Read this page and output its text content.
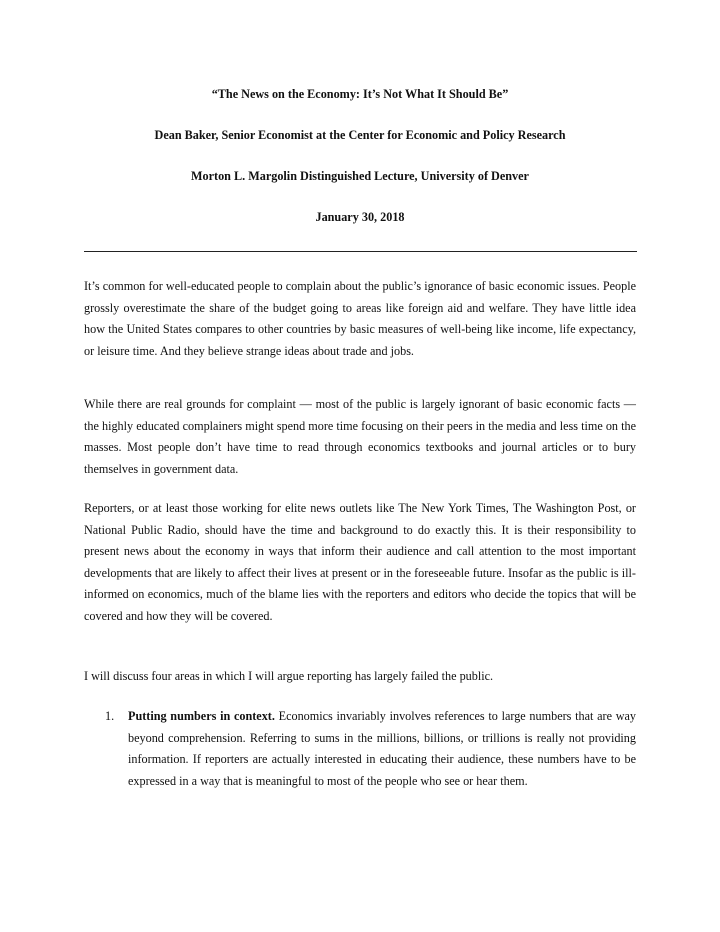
“The News on the Economy: It’s Not What It Should Be”
Dean Baker, Senior Economist at the Center for Economic and Policy Research
Morton L. Margolin Distinguished Lecture, University of Denver
January 30, 2018

It’s common for well-educated people to complain about the public’s ignorance of basic economic issues. People grossly overestimate the share of the budget going to areas like foreign aid and welfare. They have little idea how the United States compares to other countries by basic measures of well-being like income, life expectancy, or leisure time. And they believe strange ideas about trade and jobs.

While there are real grounds for complaint — most of the public is largely ignorant of basic economic facts — the highly educated complainers might spend more time focusing on their peers in the media and less time on the masses. Most people don’t have time to read through economics textbooks and journal articles or to bury themselves in government data.

Reporters, or at least those working for elite news outlets like The New York Times, The Washington Post, or National Public Radio, should have the time and background to do exactly this. It is their responsibility to present news about the economy in ways that inform their audience and call attention to the most important developments that are likely to affect their lives at present or in the foreseeable future. Insofar as the public is ill-informed on economics, much of the blame lies with the reporters and editors who decide the topics that will be covered and how they will be covered.

I will discuss four areas in which I will argue reporting has largely failed the public.

1. Putting numbers in context. Economics invariably involves references to large numbers that are way beyond comprehension. Referring to sums in the millions, billions, or trillions is really not providing information. If reporters are actually interested in educating their audience, these numbers have to be expressed in a way that is meaningful to most of the people who see or hear them.
